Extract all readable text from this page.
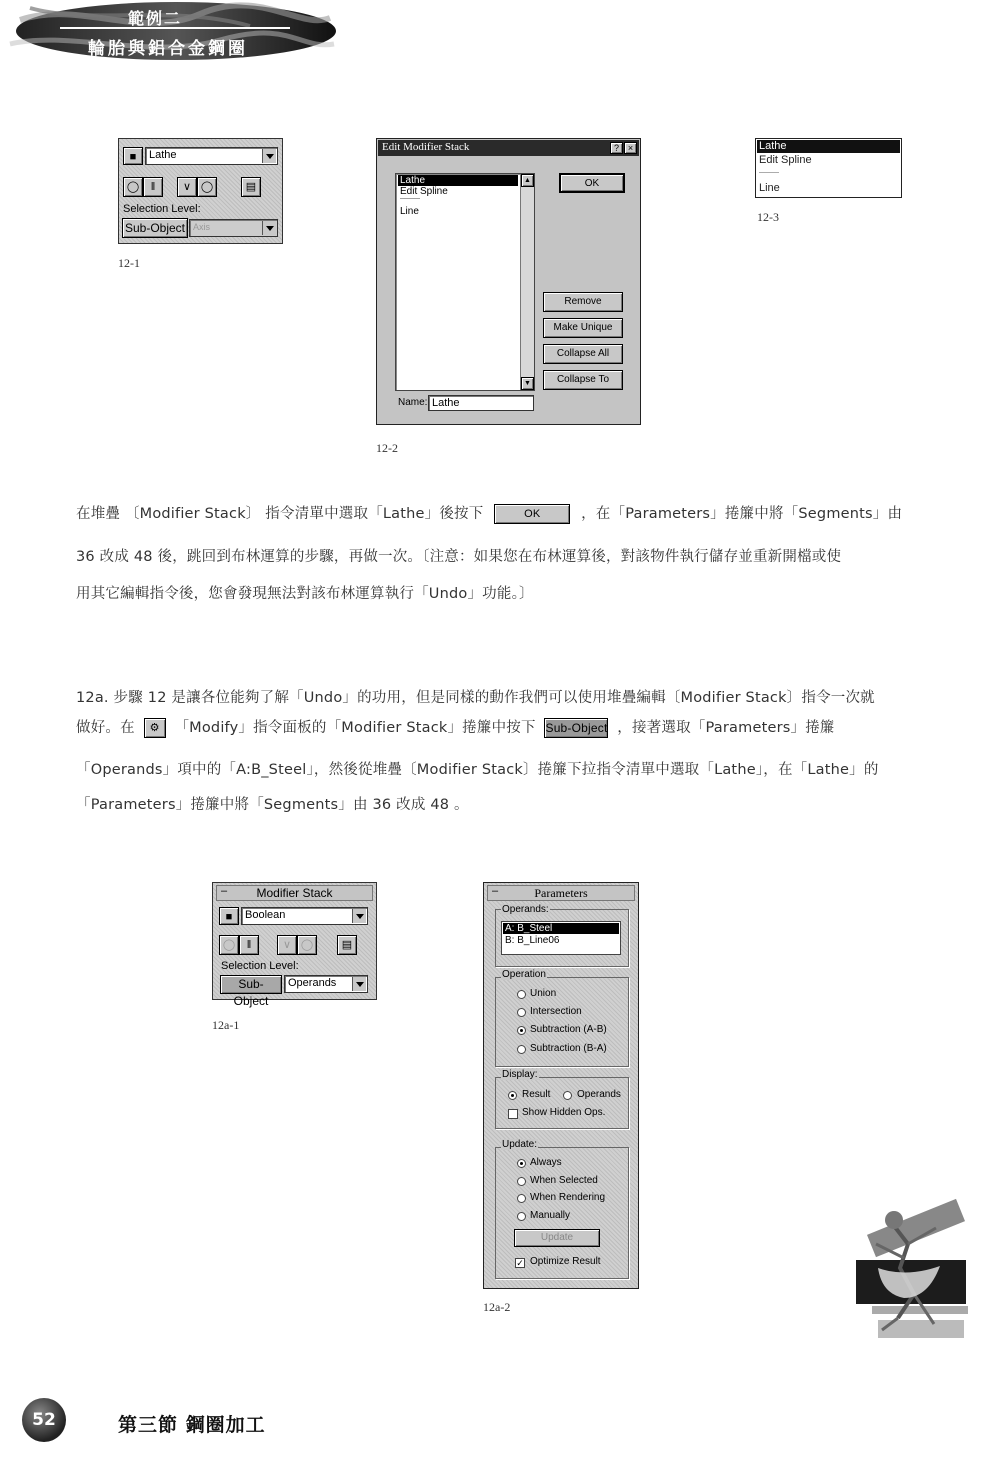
範例二
輪胎與鋁合金鋼圈
■	Lathe
◯	‖	∨ ◯	▤
Selection Level:
Sub-Object Axis
12-1
Edit Modifier Stack	? ×
Lathe
Edit Spline
----------
Line
▲
▼
OK
Remove
Make Unique
Collapse All
Collapse To
Name: Lathe
12-2
Lathe
Edit Spline
----------
Line
12-3
在堆疊 〔Modifier Stack〕 指令清單中選取「Lathe」後按下	OK	，在「Parameters」捲簾中將「Segments」由
36 改成 48 後，跳回到布林運算的步驟，再做一次。〔注意：如果您在布林運算後，對該物件執行儲存並重新開檔或使
用其它編輯指令後，您會發現無法對該布林運算執行「Undo」功能。〕
12a. 步驟 12 是讓各位能夠了解「Undo」的功用，但是同樣的動作我們可以使用堆疊編輯〔Modifier Stack〕指令一次就
做好。在 ⚙ 「Modify」指令面板的「Modifier Stack」捲簾中按下 Sub-Object ，接著選取「Parameters」捲簾
「Operands」項中的「A:B_Steel」，然後從堆疊〔Modifier Stack〕捲簾下拉指令清單中選取「Lathe」，在「Lathe」的
「Parameters」捲簾中將「Segments」由 36 改成 48 。
–	Modifier Stack
■	Boolean
◯	‖	∨ ◯	▤
Selection Level:
Sub-Object
Operands
12a-1
–	Parameters
Operands:
A: B_Steel
B: B_Line06
Operation
Union
Intersection
Subtraction (A-B)
Subtraction (B-A)
Display:
Result	Operands
Show Hidden Ops.
Update:
Always
When Selected
When Rendering
Manually
Update
✓ Optimize Result
12a-2
52	第三節 鋼圈加工
